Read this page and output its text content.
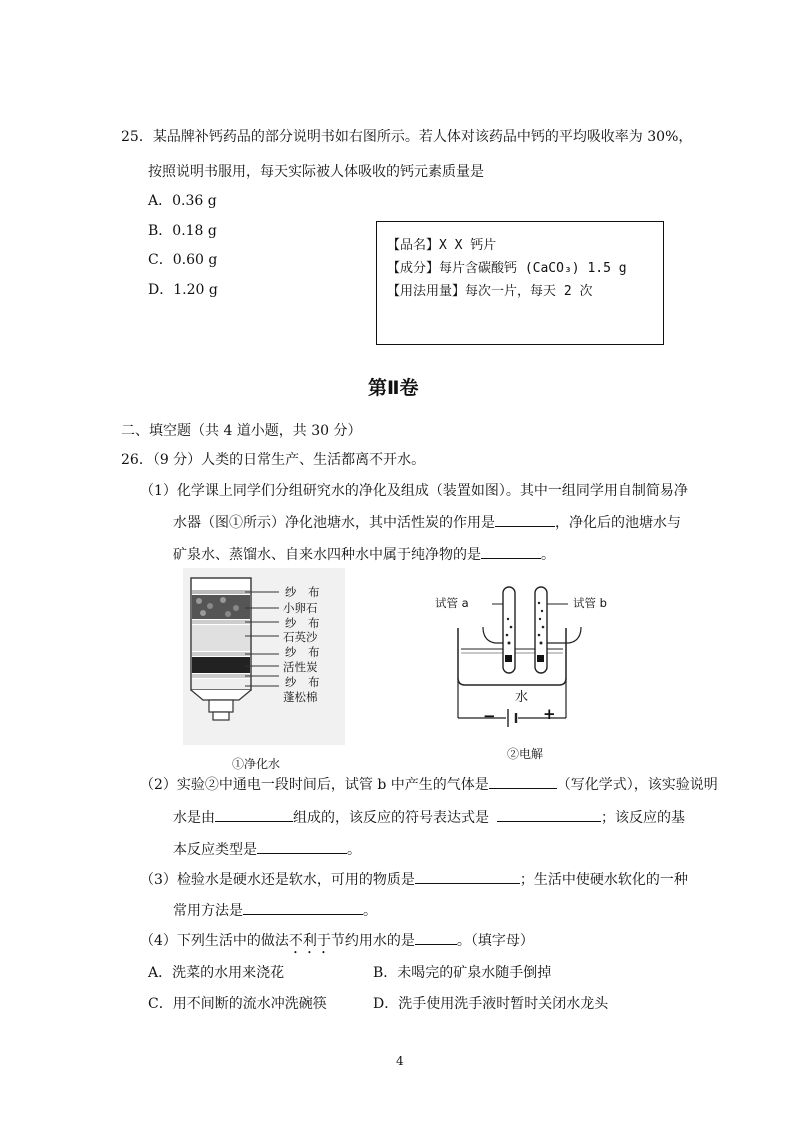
25．某品牌补钙药品的部分说明书如右图所示。若人体对该药品中钙的平均吸收率为 30%，
按照说明书服用，每天实际被人体吸收的钙元素质量是
A．0.36 g
B．0.18 g
C．0.60 g
D．1.20 g
【品名】X X 钙片
【成分】每片含碳酸钙 (CaCO₃) 1.5 g
【用法用量】每次一片，每天 2 次
第Ⅱ卷
二、填空题（共 4 道小题，共 30 分）
26．（9 分）人类的日常生产、生活都离不开水。
（1）化学课上同学们分组研究水的净化及组成（装置如图）。其中一组同学用自制简易净
水器（图①所示）净化池塘水，其中活性炭的作用是	，净化后的池塘水与
矿泉水、蒸馏水、自来水四种水中属于纯净物的是	。
纱　布
小卵石
纱　布
石英沙
纱　布
活性炭
纱　布
蓬松棉
①净化水
试管 a	试管 b
水
−	+
②电解
（2）实验②中通电一段时间后，试管 b 中产生的气体是	（写化学式），该实验说明
水是由	组成的，该反应的符号表达式是	；该反应的基
本反应类型是	。
（3）检验水是硬水还是软水，可用的物质是	；生活中使硬水软化的一种
常用方法是	。
（4）下列生活中的做法不利于节约用水的是	。（填字母）
A．洗菜的水用来浇花	B．未喝完的矿泉水随手倒掉
C．用不间断的流水冲洗碗筷	D．洗手使用洗手液时暂时关闭水龙头
4
